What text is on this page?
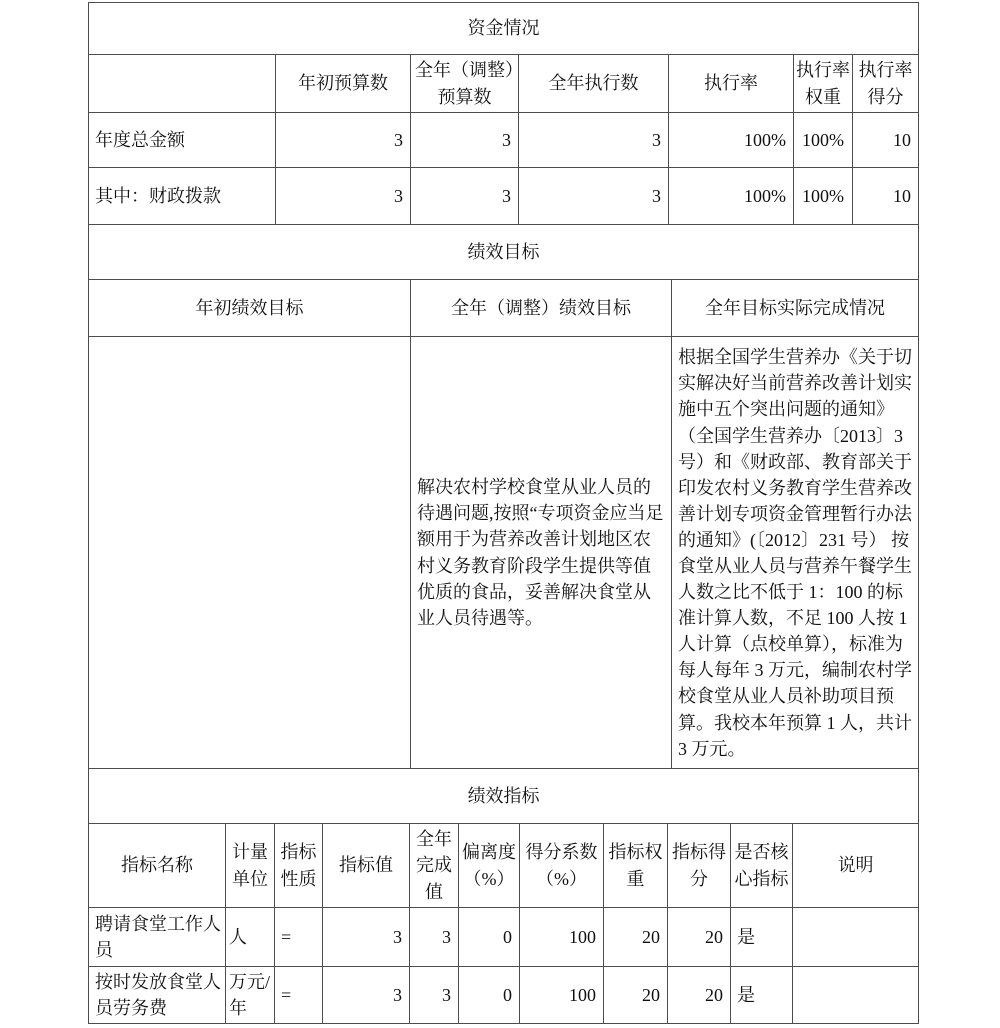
资金情况						
	年初预算数	全年（调整）预算数	全年执行数	执行率	执行率权重	执行率得分
年度总金额	3	3	3	100%	100%	10
其中：财政拨款	3	3	3	100%	100%	10
绩效目标		
年初绩效目标	全年（调整）绩效目标	全年目标实际完成情况
	解决农村学校食堂从业人员的待遇问题,按照“专项资金应当足额用于为营养改善计划地区农村义务教育阶段学生提供等值优质的食品，妥善解决食堂从业人员待遇等。	根据全国学生营养办《关于切实解决好当前营养改善计划实施中五个突出问题的通知》（全国学生营养办〔2013〕3号）和《财政部、教育部关于印发农村义务教育学生营养改善计划专项资金管理暂行办法的通知》(〔2012〕231 号） 按食堂从业人员与营养午餐学生人数之比不低于 1：100 的标准计算人数，不足 100 人按 1 人计算（点校单算），标准为每人每年 3 万元，编制农村学校食堂从业人员补助项目预算。我校本年预算 1 人，共计 3 万元。
绩效指标										
指标名称	计量单位	指标性质	指标值	全年完成值	偏离度（%）	得分系数（%）	指标权重	指标得分	是否核心指标	说明
聘请食堂工作人员	人	=	3	3	0	100	20	20	是	
按时发放食堂人员劳务费	万元/年	=	3	3	0	100	20	20	是	
